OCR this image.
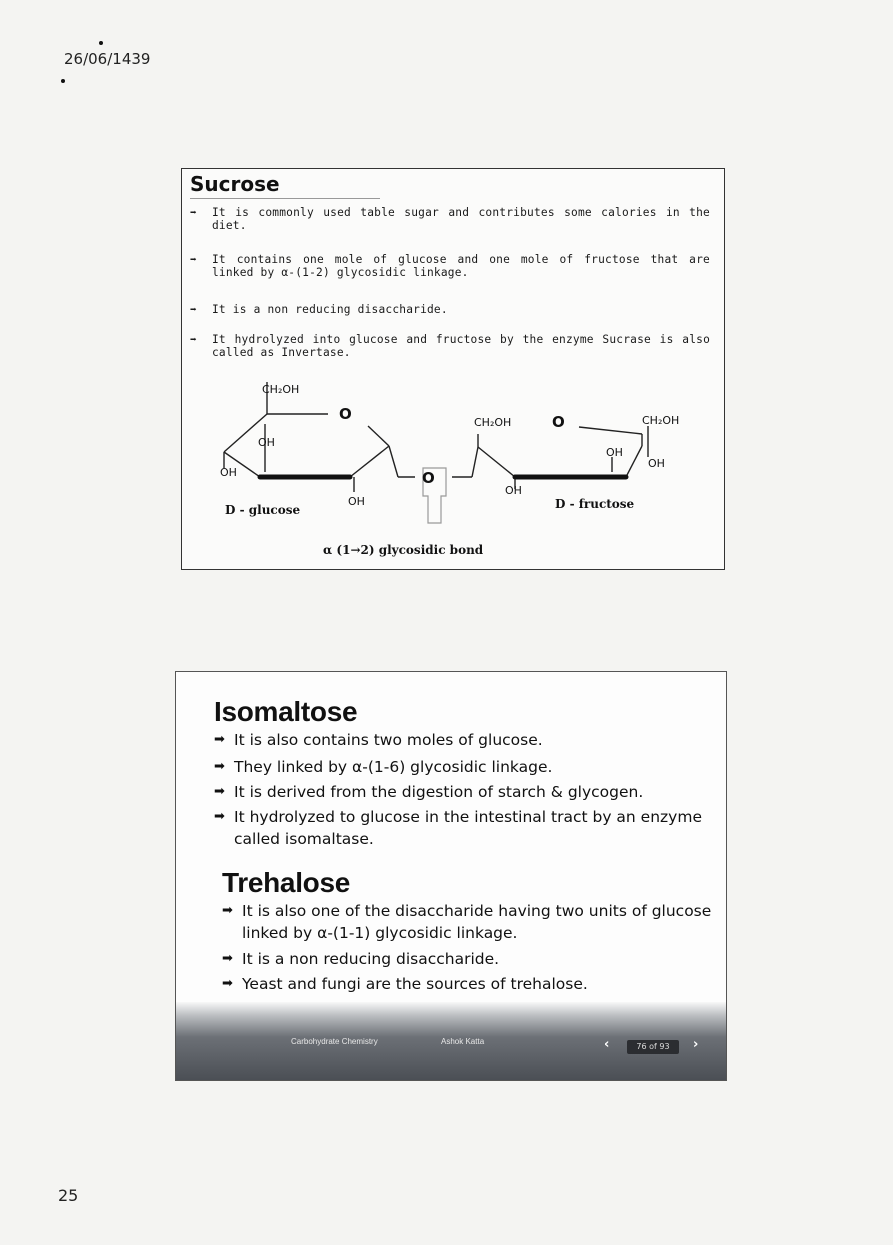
26/06/1439
Sucrose
➡ It is commonly used table sugar and contributes some calories in the diet.
➡ It contains one mole of glucose and one mole of fructose that are linked by α-(1-2) glycosidic linkage.
➡ It is a non reducing disaccharide.
➡ It hydrolyzed into glucose and fructose by the enzyme Sucrase is also called as Invertase.
CH₂OH
O
OH
OH
OH
O
CH₂OH	O	CH₂OH
OH
OH
OH
D - glucose	D - fructose
α (1→2) glycosidic bond
Isomaltose
➡ It is also contains two moles of glucose.
➡ They linked by α-(1-6) glycosidic linkage.
➡ It is derived from the digestion of starch & glycogen.
➡ It hydrolyzed to glucose in the intestinal tract by an enzyme called isomaltase.
Trehalose
➡ It is also one of the disaccharide having two units of glucose linked by α-(1-1) glycosidic linkage.
➡ It is a non reducing disaccharide.
➡ Yeast and fungi are the sources of trehalose.
Carbohydrate Chemistry	Ashok Katta	‹	76 of 93	›
25
